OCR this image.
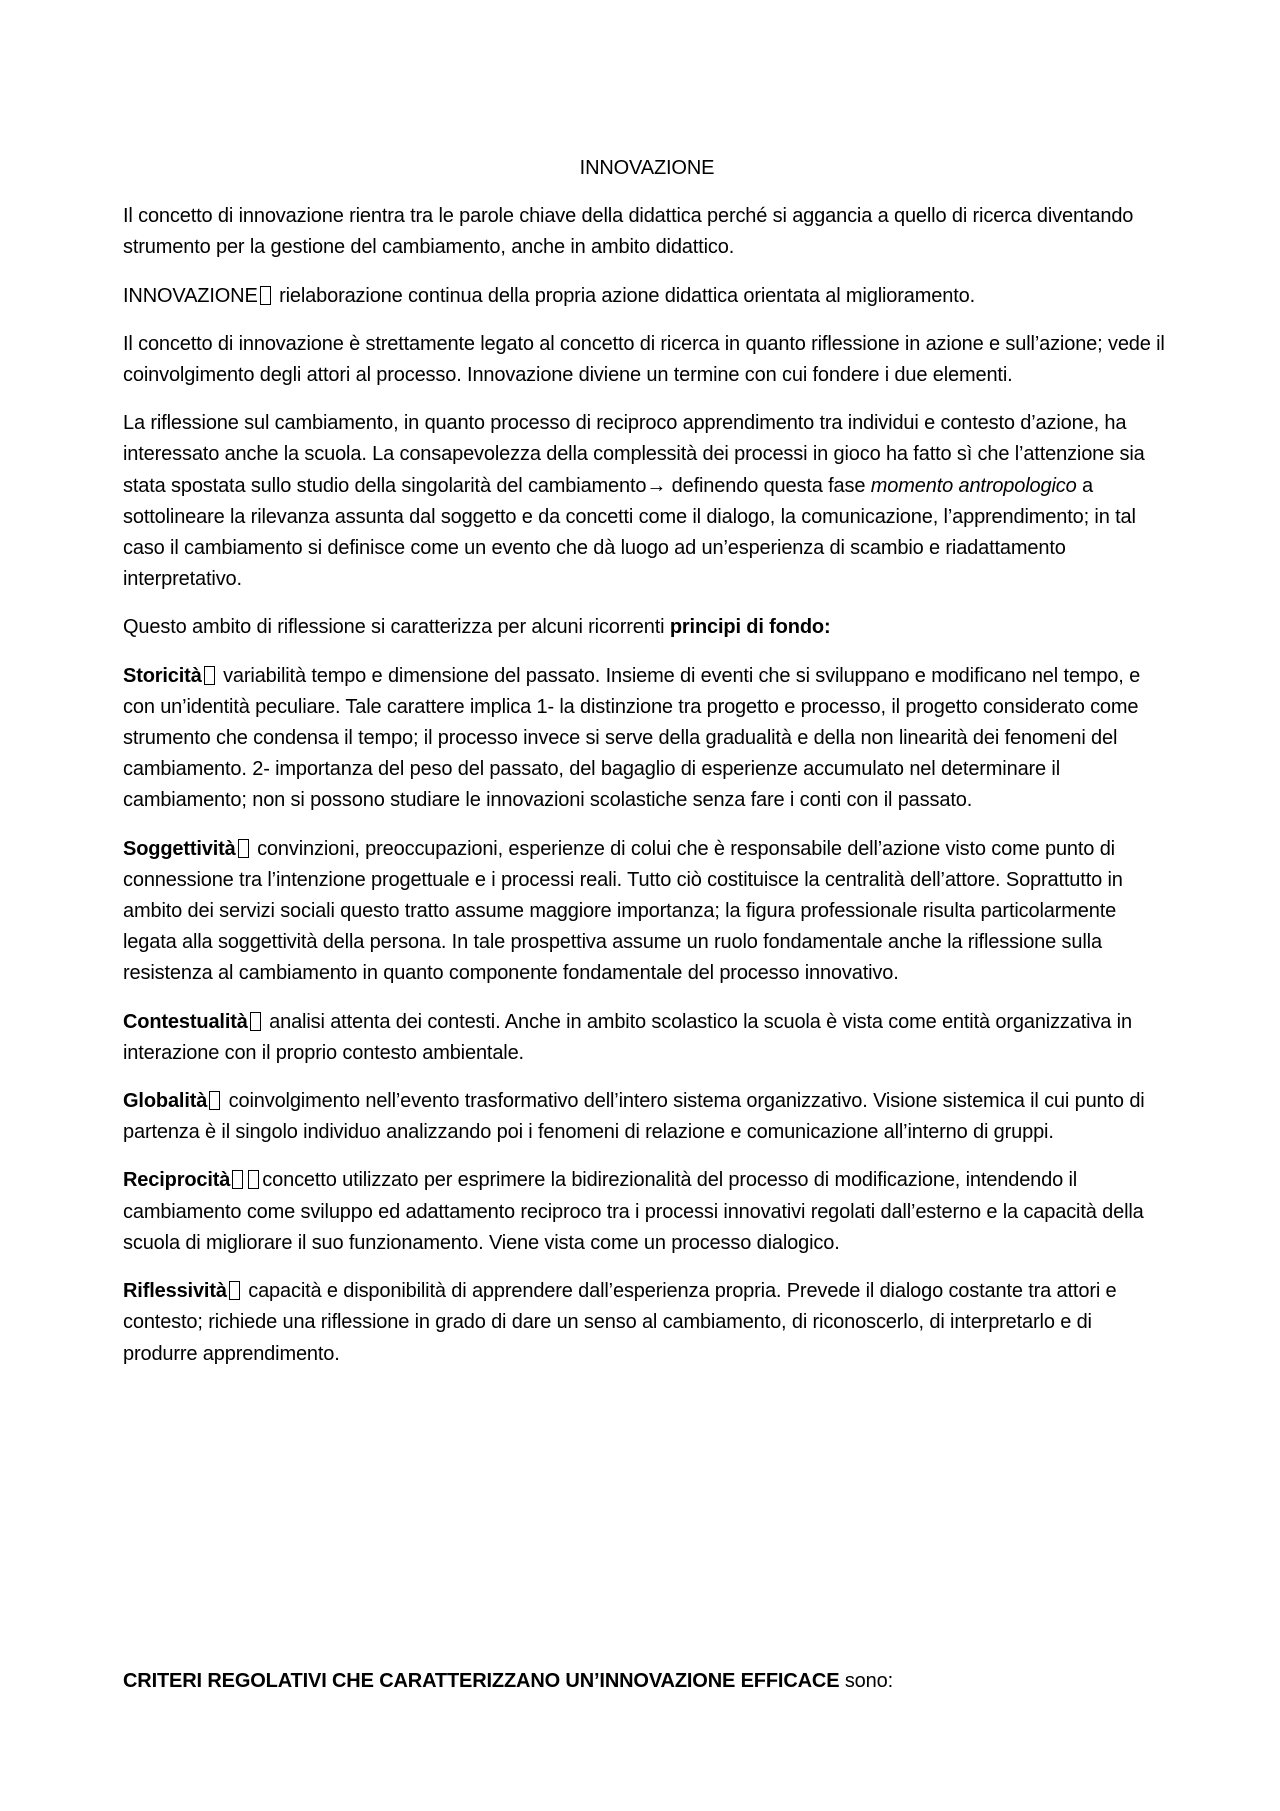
INNOVAZIONE

Il concetto di innovazione rientra tra le parole chiave della didattica perché si aggancia a quello di ricerca diventando strumento per la gestione del cambiamento, anche in ambito didattico.

INNOVAZIONE rielaborazione continua della propria azione didattica orientata al miglioramento.

Il concetto di innovazione è strettamente legato al concetto di ricerca in quanto riflessione in azione e sull’azione; vede il coinvolgimento degli attori al processo. Innovazione diviene un termine con cui fondere i due elementi.

La riflessione sul cambiamento, in quanto processo di reciproco apprendimento tra individui e contesto d’azione, ha interessato anche la scuola. La consapevolezza della complessità dei processi in gioco ha fatto sì che l’attenzione sia stata spostata sullo studio della singolarità del cambiamento→ definendo questa fase momento antropologico a sottolineare la rilevanza assunta dal soggetto e da concetti come il dialogo, la comunicazione, l’apprendimento; in tal caso il cambiamento si definisce come un evento che dà luogo ad un’esperienza di scambio e riadattamento interpretativo.

Questo ambito di riflessione si caratterizza per alcuni ricorrenti principi di fondo:

Storicità variabilità tempo e dimensione del passato. Insieme di eventi che si sviluppano e modificano nel tempo, e con un’identità peculiare. Tale carattere implica 1- la distinzione tra progetto e processo, il progetto considerato come strumento che condensa il tempo; il processo invece si serve della gradualità e della non linearità dei fenomeni del cambiamento. 2- importanza del peso del passato, del bagaglio di esperienze accumulato nel determinare il cambiamento; non si possono studiare le innovazioni scolastiche senza fare i conti con il passato.

Soggettività convinzioni, preoccupazioni, esperienze di colui che è responsabile dell’azione visto come punto di connessione tra l’intenzione progettuale e i processi reali. Tutto ciò costituisce la centralità dell’attore. Soprattutto in ambito dei servizi sociali questo tratto assume maggiore importanza; la figura professionale risulta particolarmente legata alla soggettività della persona. In tale prospettiva assume un ruolo fondamentale anche la riflessione sulla resistenza al cambiamento in quanto componente fondamentale del processo innovativo.

Contestualità analisi attenta dei contesti. Anche in ambito scolastico la scuola è vista come entità organizzativa in interazione con il proprio contesto ambientale.

Globalità coinvolgimento nell’evento trasformativo dell’intero sistema organizzativo. Visione sistemica il cui punto di partenza è il singolo individuo analizzando poi i fenomeni di relazione e comunicazione all’interno di gruppi.

Reciprocità concetto utilizzato per esprimere la bidirezionalità del processo di modificazione, intendendo il cambiamento come sviluppo ed adattamento reciproco tra i processi innovativi regolati dall’esterno e la capacità della scuola di migliorare il suo funzionamento. Viene vista come un processo dialogico.

Riflessività capacità e disponibilità di apprendere dall’esperienza propria. Prevede il dialogo costante tra attori e contesto; richiede una riflessione in grado di dare un senso al cambiamento, di riconoscerlo, di interpretarlo e di produrre apprendimento.

CRITERI REGOLATIVI CHE CARATTERIZZANO UN’INNOVAZIONE EFFICACE sono:
